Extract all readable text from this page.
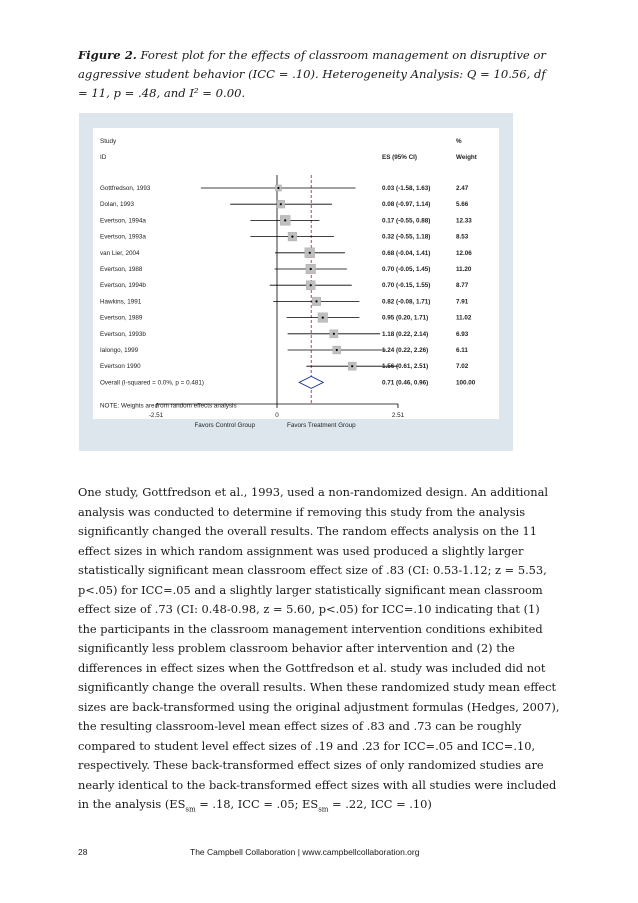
Figure 2. Forest plot for the effects of classroom management on disruptive or aggressive student behavior (ICC = .10). Heterogeneity Analysis: Q = 10.56, df = 11, p = .48, and I² = 0.00.
Study
ID	ES (95% CI)
%
Weight
Gottfredson, 1993	0.03 (-1.58, 1.63)	2.47
Dolan, 1993	0.08 (-0.97, 1.14)	5.66
Evertson, 1994a	0.17 (-0.55, 0.88)	12.33
Evertson, 1993a	0.32 (-0.55, 1.18)	8.53
van Lier, 2004	0.68 (-0.04, 1.41)	12.06
Evertson, 1988	0.70 (-0.05, 1.45)	11.20
Evertson, 1994b	0.70 (-0.15, 1.55)	8.77
Hawkins, 1991	0.82 (-0.08, 1.71)	7.91
Evertson, 1989	0.95 (0.20, 1.71)	11.02
Evertson, 1993b	1.18 (0.22, 2.14)	6.93
Ialongo, 1999	1.24 (0.22, 2.26)	6.11
Evertson 1990	1.56 (0.61, 2.51)	7.02
Overall (I-squared = 0.0%, p = 0.481)	0.71 (0.46, 0.96)	100.00
NOTE: Weights are from random effects analysis
-2.51	0	2.51
Favors Control Group	Favors Treatment Group

One study, Gottfredson et al., 1993, used a non-randomized design. An additional analysis was conducted to determine if removing this study from the analysis significantly changed the overall results. The random effects analysis on the 11 effect sizes in which random assignment was used produced a slightly larger statistically significant mean classroom effect size of .83 (CI: 0.53-1.12; z = 5.53, p<.05) for ICC=.05 and a slightly larger statistically significant mean classroom effect size of .73 (CI: 0.48-0.98, z = 5.60, p<.05) for ICC=.10 indicating that (1) the participants in the classroom management intervention conditions exhibited significantly less problem classroom behavior after intervention and (2) the differences in effect sizes when the Gottfredson et al. study was included did not significantly change the overall results. When these randomized study mean effect sizes are back-transformed using the original adjustment formulas (Hedges, 2007), the resulting classroom-level mean effect sizes of .83 and .73 can be roughly compared to student level effect sizes of .19 and .23 for ICC=.05 and ICC=.10, respectively. These back-transformed effect sizes of only randomized studies are nearly identical to the back-transformed effect sizes with all studies were included in the analysis ($ES_{sm} = .18$, ICC = .05; $ES_{sm} = .22$, ICC = .10)

28	The Campbell Collaboration | www.campbellcollaboration.org
